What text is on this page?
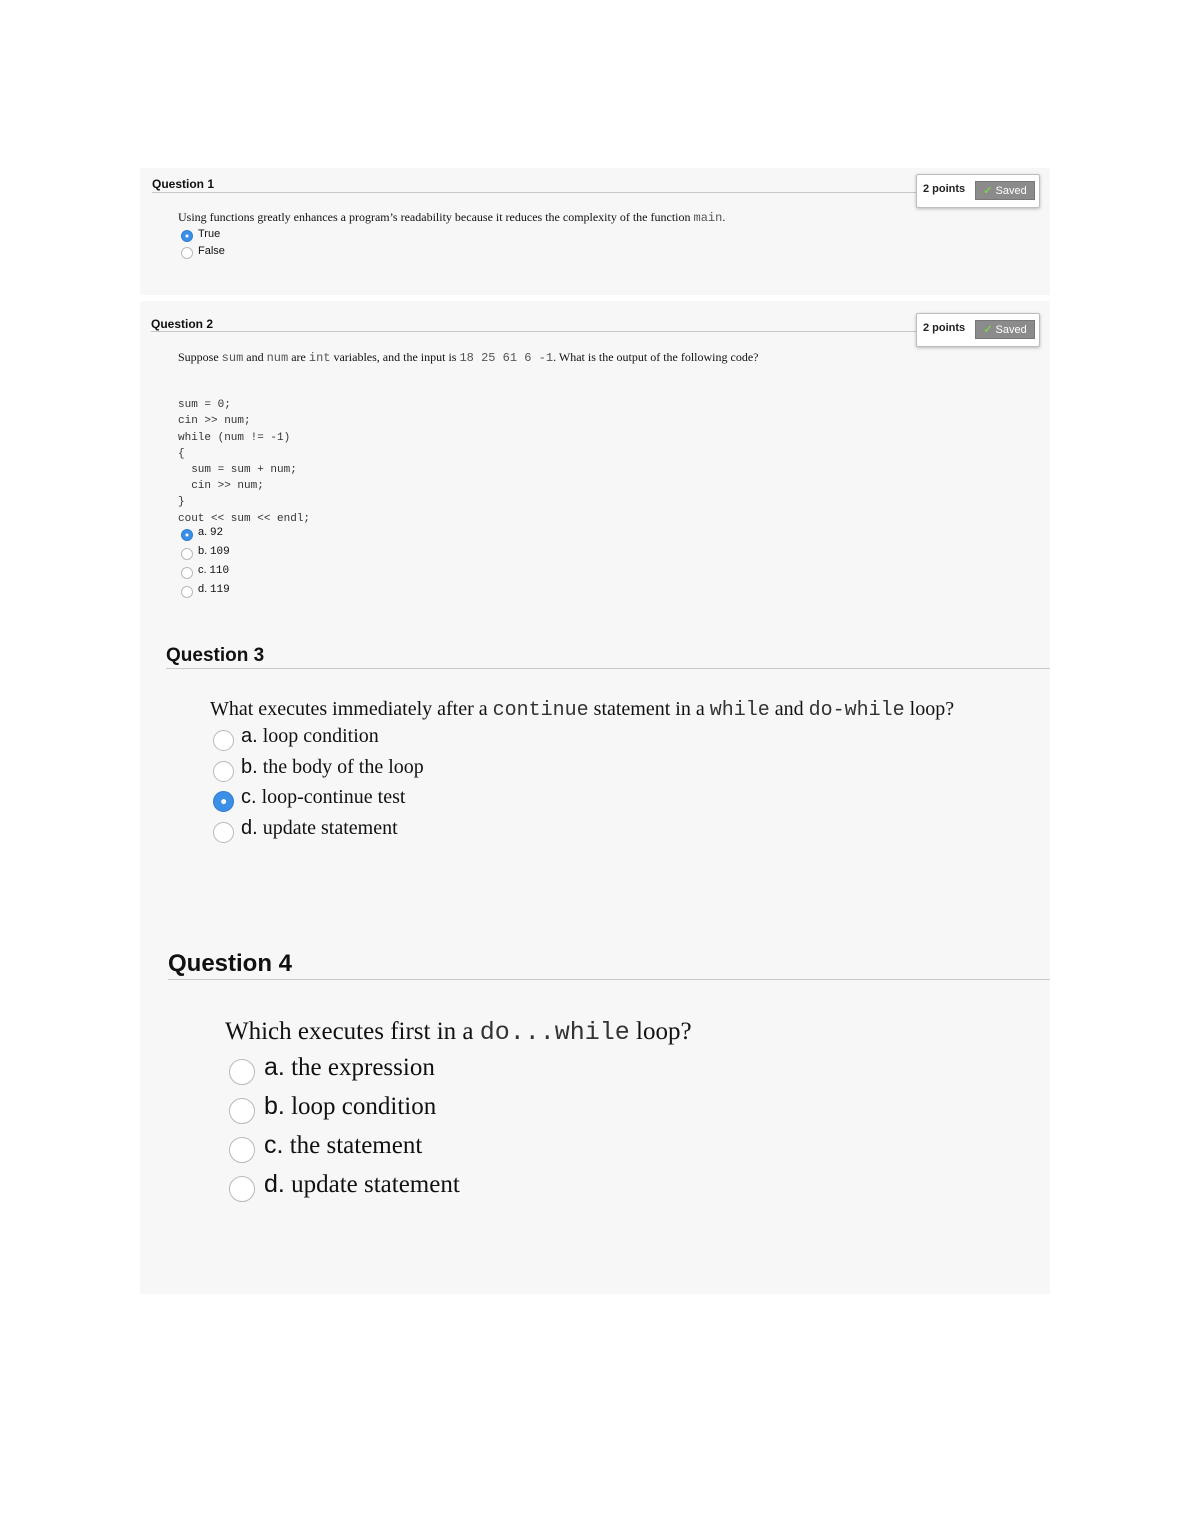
Question 1	2 points	✓ Saved
Using functions greatly enhances a program’s readability because it reduces the complexity of the function main.
True
False
Question 2	2 points	✓ Saved
Suppose sum and num are int variables, and the input is 18 25 61 6 -1. What is the output of the following code?

sum = 0;
cin >> num;
while (num != -1)
{
sum = sum + num;
cin >> num;
}
cout << sum << endl;

a. 92
b. 109
c. 110
d. 119
Question 3
What executes immediately after a continue statement in a while and do-while loop?
a. loop condition
b. the body of the loop
c. loop-continue test
d. update statement
Question 4
Which executes first in a do...while loop?
a. the expression
b. loop condition
c. the statement
d. update statement
